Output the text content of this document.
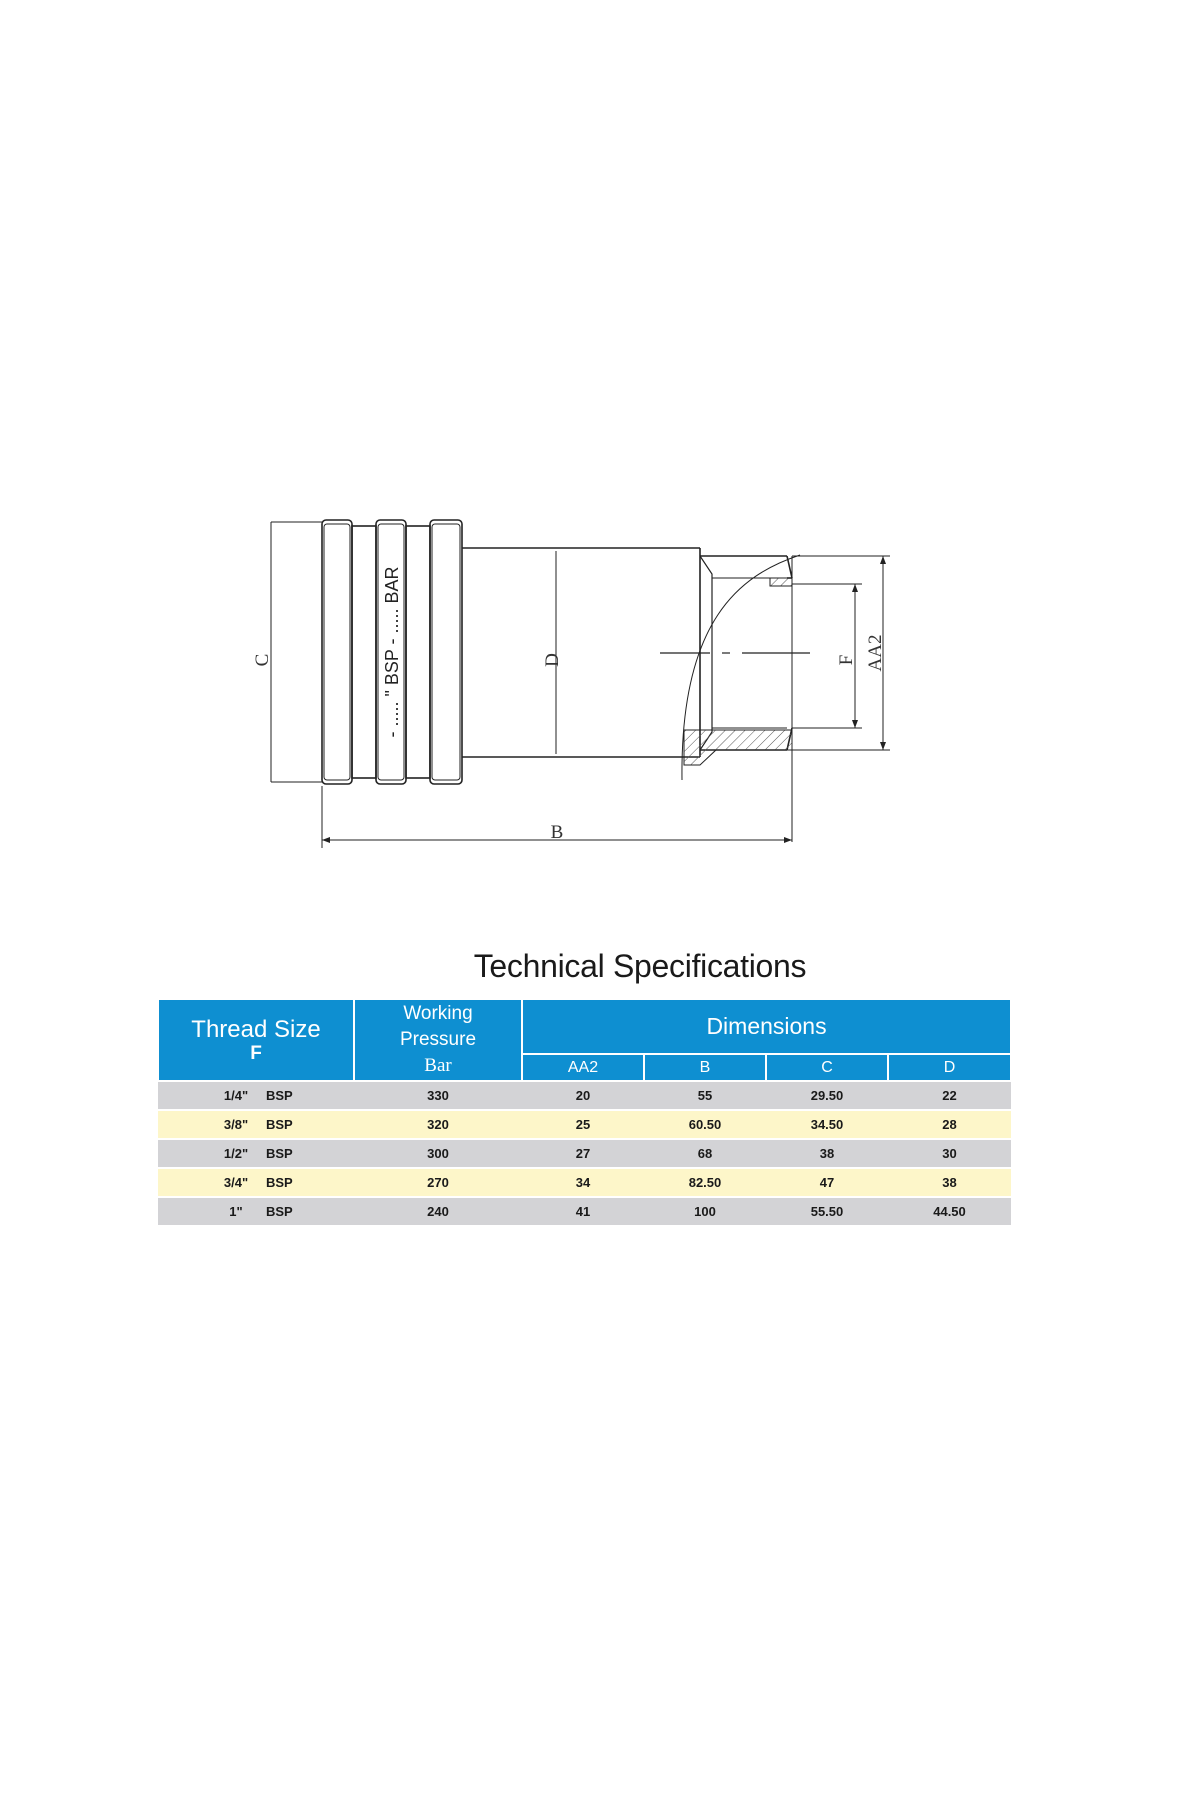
C	D	F AA2
B
- ..... " BSP - ..... BAR
Technical Specifications
Thread Size
F	Working
Pressure
Bar	Dimensions			
		AA2	B	C	D
1/4" BSP	330	20	55	29.50	22
3/8" BSP	320	25	60.50	34.50	28
1/2" BSP	300	27	68	38	30
3/4" BSP	270	34	82.50	47	38
1" BSP	240	41	100	55.50	44.50
